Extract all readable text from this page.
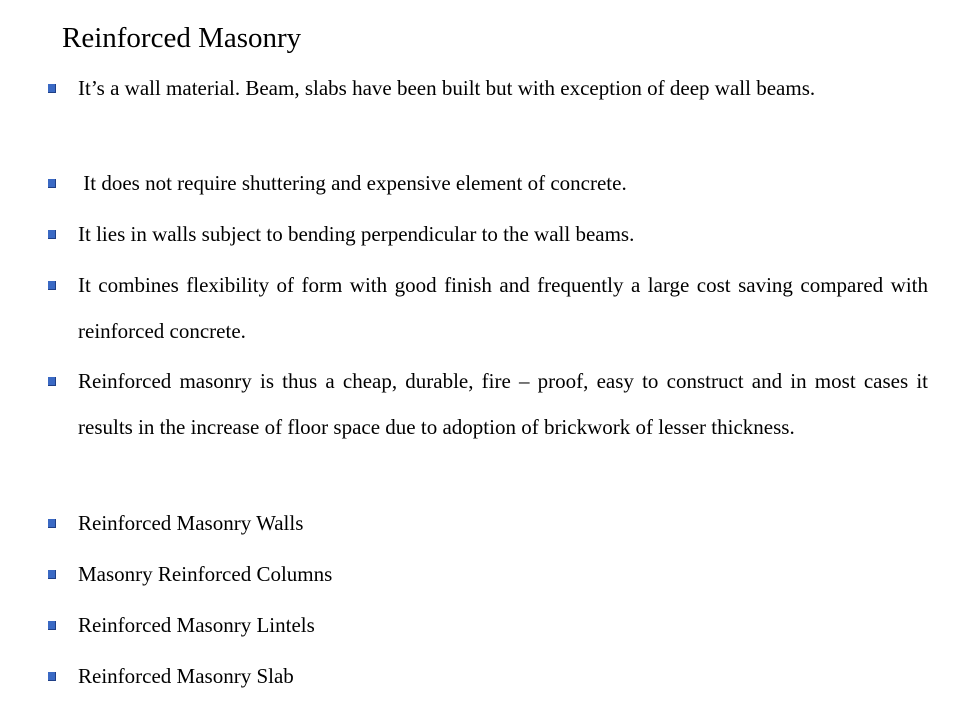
Reinforced Masonry
It’s a wall material. Beam, slabs have been built but with exception of deep wall beams.
It does not require shuttering and expensive element of concrete.
It lies in walls subject to bending perpendicular to the wall beams.
It combines flexibility of form with good finish and frequently a large cost saving compared with reinforced concrete.
Reinforced masonry is thus a cheap, durable, fire – proof, easy to construct and in most cases it results in the increase of floor space due to adoption of brickwork of lesser thickness.
Reinforced Masonry Walls
Masonry Reinforced Columns
Reinforced Masonry Lintels
Reinforced Masonry Slab
